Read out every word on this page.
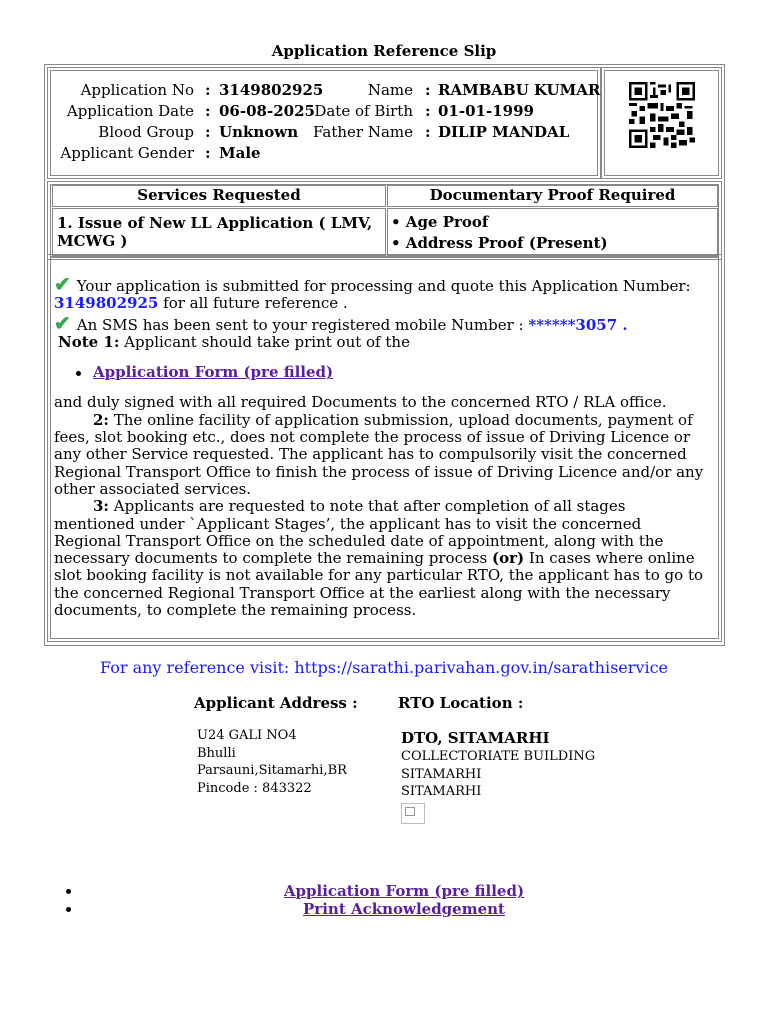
Application Reference Slip
Application No : 3149802925	Name : RAMBABU KUMAR
Application Date : 06-08-2025 Date of Birth : 01-01-1999
Blood Group : Unknown Father Name : DILIP MANDAL
Applicant Gender : Male
Services Requested	Documentary Proof Required
1. Issue of New LL Application ( LMV, MCWG )
• Age Proof
• Address Proof (Present)
✔ Your application is submitted for processing and quote this Application Number:
3149802925 for all future reference .
✔ An SMS has been sent to your registered mobile Number : ******3057 .
Note 1: Applicant should take print out of the
Application Form (pre filled)
and duly signed with all required Documents to the concerned RTO / RLA office.
2: The online facility of application submission, upload documents, payment of fees, slot booking etc., does not complete the process of issue of Driving Licence or any other Service requested. The applicant has to compulsorily visit the concerned Regional Transport Office to finish the process of issue of Driving Licence and/or any other associated services.
3: Applicants are requested to note that after completion of all stages mentioned under `Applicant Stages’, the applicant has to visit the concerned Regional Transport Office on the scheduled date of appointment, along with the necessary documents to complete the remaining process (or) In cases where online slot booking facility is not available for any particular RTO, the applicant has to go to the concerned Regional Transport Office at the earliest along with the necessary documents, to complete the remaining process.
For any reference visit: https://sarathi.parivahan.gov.in/sarathiservice
Applicant Address :	RTO Location :
U24 GALI NO4
Bhulli
Parsauni,Sitamarhi,BR
Pincode : 843322
DTO, SITAMARHI
COLLECTORIATE BUILDING
SITAMARHI
SITAMARHI
Application Form (pre filled)
Print Acknowledgement
